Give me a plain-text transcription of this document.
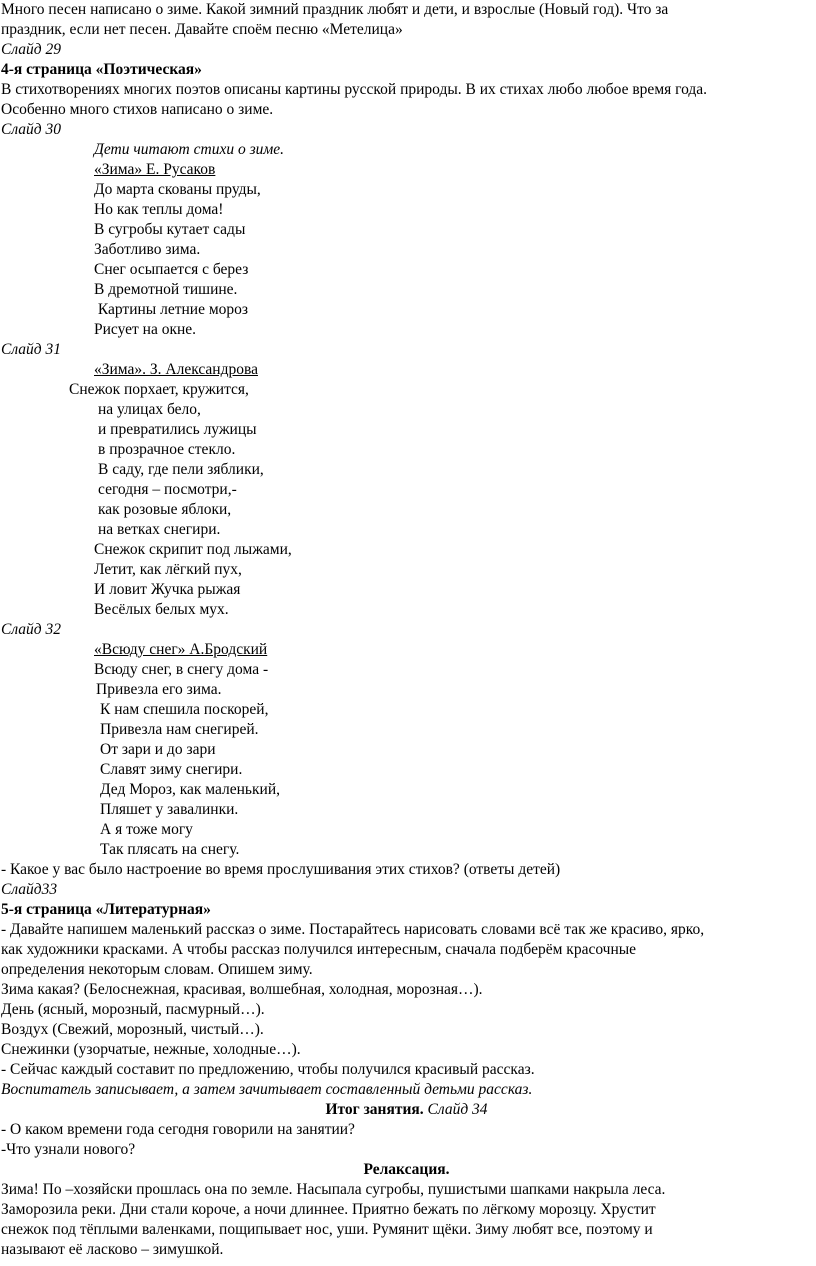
Много песен написано о зиме. Какой зимний праздник любят и дети, и взрослые (Новый год). Что за

праздник, если нет песен. Давайте споём песню «Метелица»

Слайд 29

4-я страница «Поэтическая»

В стихотворениях многих поэтов описаны картины русской природы. В их стихах любо любое время года.

Особенно много стихов написано о зиме.

Слайд 30

Дети читают стихи о зиме.

«Зима» Е. Русаков

До марта скованы пруды,

Но как теплы дома!

В сугробы кутает сады

Заботливо зима.

Снег осыпается с берез

В дремотной тишине.

Картины летние мороз

Рисует на окне.

Слайд 31

«Зима». З. Александрова

Снежок порхает, кружится,

на улицах бело,

и превратились лужицы

в прозрачное стекло.

В саду, где пели зяблики,

сегодня – посмотри,-

как розовые яблоки,

на ветках снегири.

Снежок скрипит под лыжами,

Летит, как лёгкий пух,

И ловит Жучка рыжая

Весёлых белых мух.

Слайд 32

«Всюду снег» А.Бродский

Всюду снег, в снегу дома -

Привезла его зима.

К нам спешила поскорей,

Привезла нам снегирей.

От зари и до зари

Славят зиму снегири.

Дед Мороз, как маленький,

Пляшет у завалинки.

А я тоже могу

Так плясать на снегу.

- Какое у вас было настроение во время прослушивания этих стихов? (ответы детей)

Слайд33

5-я страница «Литературная»

- Давайте напишем маленький рассказ о зиме. Постарайтесь нарисовать словами всё так же красиво, ярко,

как художники красками. А чтобы рассказ получился интересным, сначала подберём красочные

определения некоторым словам. Опишем зиму.

Зима какая? (Белоснежная, красивая, волшебная, холодная, морозная…).

День (ясный, морозный, пасмурный…).

Воздух (Свежий, морозный, чистый…).

Снежинки (узорчатые, нежные, холодные…).

- Сейчас каждый составит по предложению, чтобы получился красивый рассказ.

Воспитатель записывает, а затем зачитывает составленный детьми рассказ.

Итог занятия. Слайд 34

- О каком времени года сегодня говорили на занятии?

-Что узнали нового?

Релаксация.

Зима! По –хозяйски прошлась она по земле. Насыпала сугробы, пушистыми шапками накрыла леса.

Заморозила реки. Дни стали короче, а ночи длиннее. Приятно бежать по лёгкому морозцу. Хрустит

снежок под тёплыми валенками, пощипывает нос, уши. Румянит щёки. Зиму любят все, поэтому и

называют её ласково – зимушкой.
